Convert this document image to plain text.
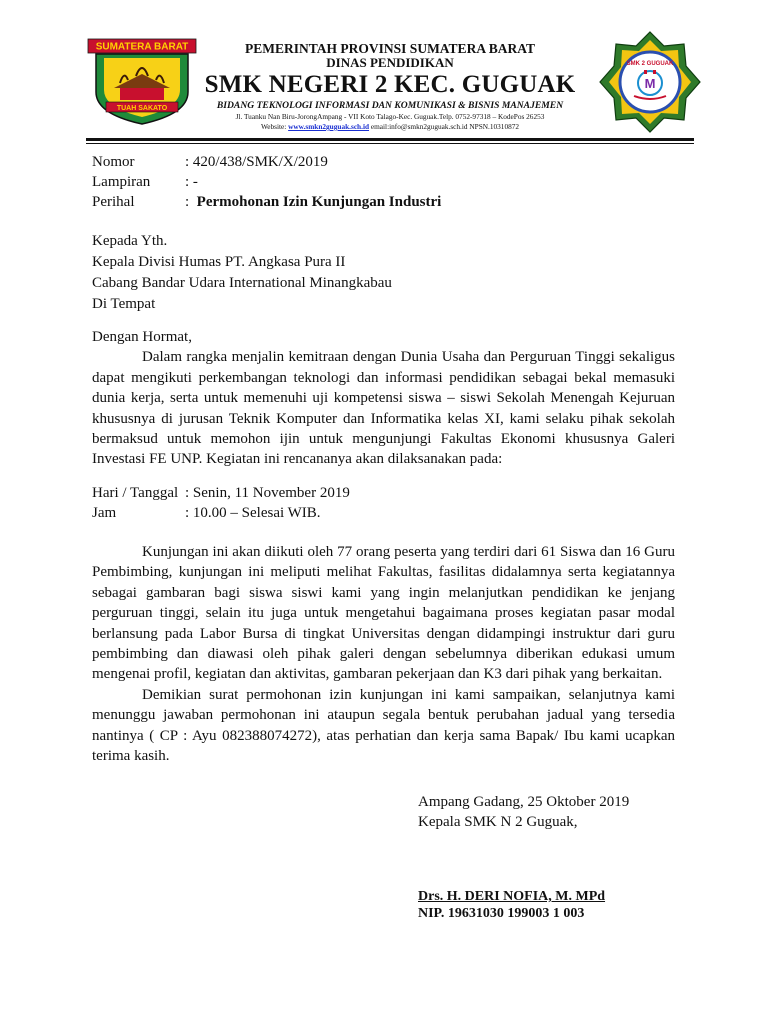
SUMATERA BARAT
TUAH SAKATO
SMK 2 GUGUAK
M
PEMERINTAH PROVINSI SUMATERA BARAT
DINAS PENDIDIKAN
SMK NEGERI 2 KEC. GUGUAK
BIDANG TEKNOLOGI INFORMASI DAN KOMUNIKASI & BISNIS MANAJEMEN
Jl. Tuanku Nan Biru-JorongAmpang - VII Koto Talago-Kec. Guguak.Telp. 0752-97318 – KodePos 26253
Website: www.smkn2guguak.sch.id email:info@smkn2guguak.sch.id NPSN.10310872
Nomor	: 420/438/SMK/X/2019
Lampiran	: -
Perihal	: Permohonan Izin Kunjungan Industri
Kepada Yth.
Kepala Divisi Humas PT. Angkasa Pura II
Cabang Bandar Udara International Minangkabau
Di Tempat

Dengan Hormat,

Dalam rangka menjalin kemitraan dengan Dunia Usaha dan Perguruan Tinggi sekaligus dapat mengikuti perkembangan teknologi dan informasi pendidikan sebagai bekal memasuki dunia kerja, serta untuk memenuhi uji kompetensi siswa – siswi Sekolah Menengah Kejuruan khususnya di jurusan Teknik Komputer dan Informatika kelas XI, kami selaku pihak sekolah bermaksud untuk memohon ijin untuk mengunjungi Fakultas Ekonomi khususnya Galeri Investasi FE UNP. Kegiatan ini rencananya akan dilaksanakan pada:

Hari / Tanggal : Senin, 11 November 2019
Jam	: 10.00 – Selesai WIB.

Kunjungan ini akan diikuti oleh 77 orang peserta yang terdiri dari 61 Siswa dan 16 Guru Pembimbing, kunjungan ini meliputi melihat Fakultas, fasilitas didalamnya serta kegiatannya sebagai gambaran bagi siswa siswi kami yang ingin melanjutkan pendidikan ke jenjang perguruan tinggi, selain itu juga untuk mengetahui bagaimana proses kegiatan pasar modal berlansung pada Labor Bursa di tingkat Universitas dengan didampingi instruktur dari guru pembimbing dan diawasi oleh pihak galeri dengan sebelumnya diberikan edukasi umum mengenai profil, kegiatan dan aktivitas, gambaran pekerjaan dan K3 dari pihak yang berkaitan.

Demikian surat permohonan izin kunjungan ini kami sampaikan, selanjutnya kami menunggu jawaban permohonan ini ataupun segala bentuk perubahan jadual yang tersedia nantinya ( CP : Ayu 082388074272), atas perhatian dan kerja sama Bapak/ Ibu kami ucapkan terima kasih.

Ampang Gadang, 25 Oktober 2019
Kepala SMK N 2 Guguak,
Drs. H. DERI NOFIA, M. MPd
NIP. 19631030 199003 1 003
